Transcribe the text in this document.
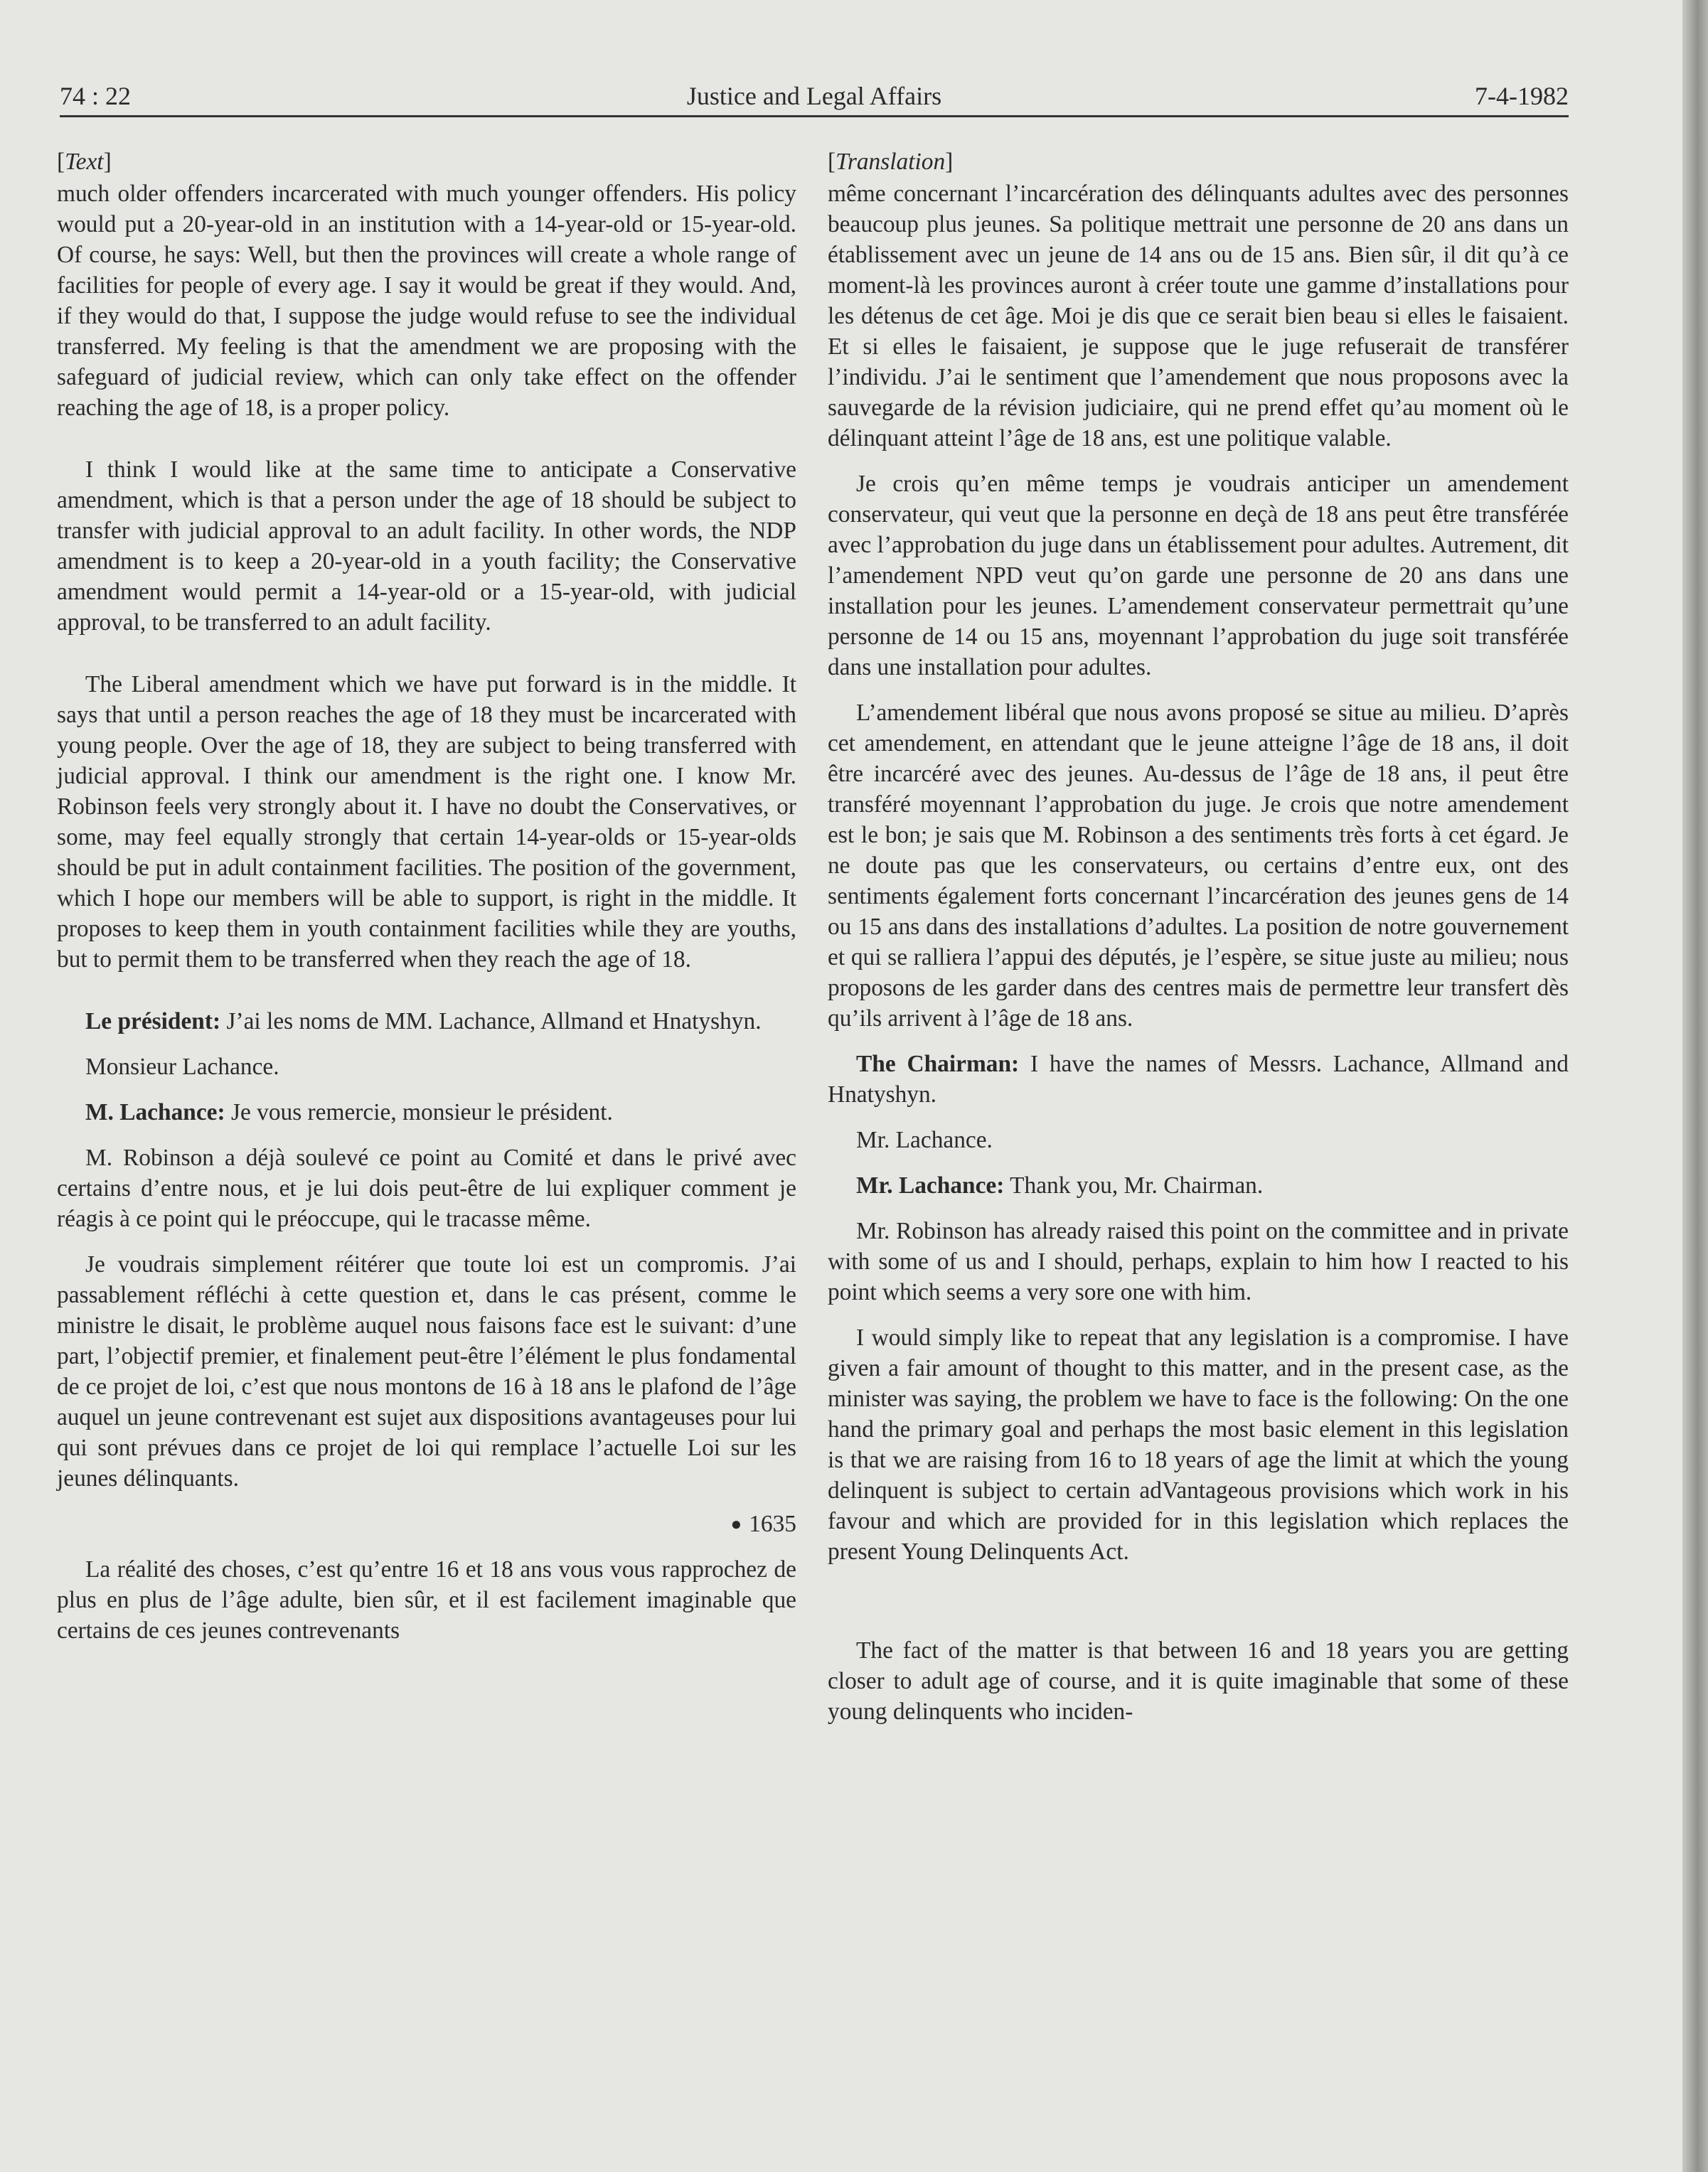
74 : 22	Justice and Legal Affairs	7-4-1982

[Text]

much older offenders incarcerated with much younger offenders. His policy would put a 20-year-old in an institution with a 14-year-old or 15-year-old. Of course, he says: Well, but then the provinces will create a whole range of facilities for people of every age. I say it would be great if they would. And, if they would do that, I suppose the judge would refuse to see the individual transferred. My feeling is that the amendment we are proposing with the safeguard of judicial review, which can only take effect on the offender reaching the age of 18, is a proper policy.

I think I would like at the same time to anticipate a Conservative amendment, which is that a person under the age of 18 should be subject to transfer with judicial approval to an adult facility. In other words, the NDP amendment is to keep a 20-year-old in a youth facility; the Conservative amendment would permit a 14-year-old or a 15-year-old, with judicial approval, to be transferred to an adult facility.

The Liberal amendment which we have put forward is in the middle. It says that until a person reaches the age of 18 they must be incarcerated with young people. Over the age of 18, they are subject to being transferred with judicial approval. I think our amendment is the right one. I know Mr. Robinson feels very strongly about it. I have no doubt the Conservatives, or some, may feel equally strongly that certain 14-year-olds or 15-year-olds should be put in adult containment facilities. The position of the government, which I hope our members will be able to support, is right in the middle. It proposes to keep them in youth containment facilities while they are youths, but to permit them to be transferred when they reach the age of 18.

Le président: J’ai les noms de MM. Lachance, Allmand et Hnatyshyn.

Monsieur Lachance.

M. Lachance: Je vous remercie, monsieur le président.

M. Robinson a déjà soulevé ce point au Comité et dans le privé avec certains d’entre nous, et je lui dois peut-être de lui expliquer comment je réagis à ce point qui le préoccupe, qui le tracasse même.

Je voudrais simplement réitérer que toute loi est un compromis. J’ai passablement réfléchi à cette question et, dans le cas présent, comme le ministre le disait, le problème auquel nous faisons face est le suivant: d’une part, l’objectif premier, et finalement peut-être l’élément le plus fondamental de ce projet de loi, c’est que nous montons de 16 à 18 ans le plafond de l’âge auquel un jeune contrevenant est sujet aux dispositions avantageuses pour lui qui sont prévues dans ce projet de loi qui remplace l’actuelle Loi sur les jeunes délinquants.

● 1635

La réalité des choses, c’est qu’entre 16 et 18 ans vous vous rapprochez de plus en plus de l’âge adulte, bien sûr, et il est facilement imaginable que certains de ces jeunes contrevenants

[Translation]

même concernant l’incarcération des délinquants adultes avec des personnes beaucoup plus jeunes. Sa politique mettrait une personne de 20 ans dans un établissement avec un jeune de 14 ans ou de 15 ans. Bien sûr, il dit qu’à ce moment-là les provinces auront à créer toute une gamme d’installations pour les détenus de cet âge. Moi je dis que ce serait bien beau si elles le faisaient. Et si elles le faisaient, je suppose que le juge refuserait de transférer l’individu. J’ai le sentiment que l’amendement que nous proposons avec la sauvegarde de la révision judiciaire, qui ne prend effet qu’au moment où le délinquant atteint l’âge de 18 ans, est une politique valable.

Je crois qu’en même temps je voudrais anticiper un amendement conservateur, qui veut que la personne en deçà de 18 ans peut être transférée avec l’approbation du juge dans un établissement pour adultes. Autrement, dit l’amendement NPD veut qu’on garde une personne de 20 ans dans une installation pour les jeunes. L’amendement conservateur permettrait qu’une personne de 14 ou 15 ans, moyennant l’approbation du juge soit transférée dans une installation pour adultes.

L’amendement libéral que nous avons proposé se situe au milieu. D’après cet amendement, en attendant que le jeune atteigne l’âge de 18 ans, il doit être incarcéré avec des jeunes. Au-dessus de l’âge de 18 ans, il peut être transféré moyennant l’approbation du juge. Je crois que notre amendement est le bon; je sais que M. Robinson a des sentiments très forts à cet égard. Je ne doute pas que les conservateurs, ou certains d’entre eux, ont des sentiments également forts concernant l’incarcération des jeunes gens de 14 ou 15 ans dans des installations d’adultes. La position de notre gouvernement et qui se ralliera l’appui des députés, je l’espère, se situe juste au milieu; nous proposons de les garder dans des centres mais de permettre leur transfert dès qu’ils arrivent à l’âge de 18 ans.

The Chairman: I have the names of Messrs. Lachance, Allmand and Hnatyshyn.

Mr. Lachance.

Mr. Lachance: Thank you, Mr. Chairman.

Mr. Robinson has already raised this point on the committee and in private with some of us and I should, perhaps, explain to him how I reacted to his point which seems a very sore one with him.

I would simply like to repeat that any legislation is a compromise. I have given a fair amount of thought to this matter, and in the present case, as the minister was saying, the problem we have to face is the following: On the one hand the primary goal and perhaps the most basic element in this legislation is that we are raising from 16 to 18 years of age the limit at which the young delinquent is subject to certain adVantageous provisions which work in his favour and which are provided for in this legislation which replaces the present Young Delinquents Act.

The fact of the matter is that between 16 and 18 years you are getting closer to adult age of course, and it is quite imaginable that some of these young delinquents who inciden-
